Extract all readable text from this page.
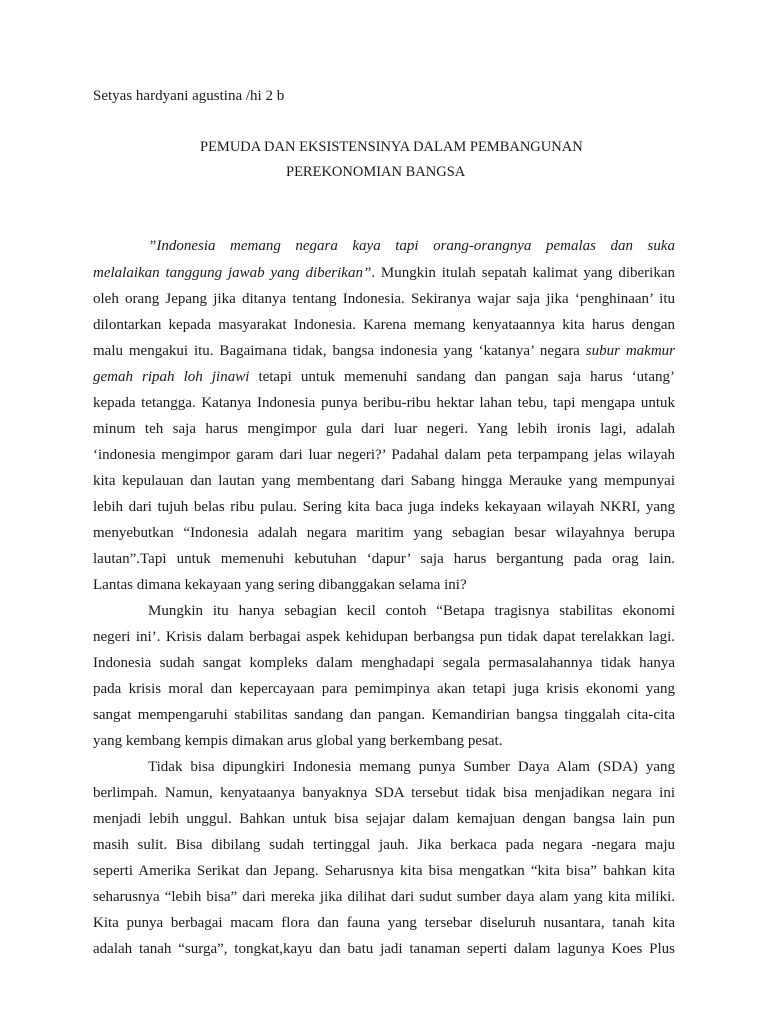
Setyas hardyani agustina /hi 2 b
PEMUDA DAN EKSISTENSINYA DALAM PEMBANGUNAN
PEREKONOMIAN BANGSA
”Indonesia memang negara kaya tapi orang-orangnya pemalas dan suka
melalaikan tanggung jawab yang diberikan”. Mungkin itulah sepatah kalimat yang diberikan
oleh orang Jepang jika ditanya tentang Indonesia. Sekiranya wajar saja jika ‘penghinaan’ itu
dilontarkan kepada masyarakat Indonesia. Karena memang kenyataannya kita harus dengan
malu mengakui itu. Bagaimana tidak, bangsa indonesia yang ‘katanya’ negara subur makmur
gemah ripah loh jinawi tetapi untuk memenuhi sandang dan pangan saja harus ‘utang’
kepada tetangga. Katanya Indonesia punya beribu-ribu hektar lahan tebu, tapi mengapa untuk
minum teh saja harus mengimpor gula dari luar negeri. Yang lebih ironis lagi, adalah
‘indonesia mengimpor garam dari luar negeri?’ Padahal dalam peta terpampang jelas wilayah
kita kepulauan dan lautan yang membentang dari Sabang hingga Merauke yang mempunyai
lebih dari tujuh belas ribu pulau. Sering kita baca juga indeks kekayaan wilayah NKRI, yang
menyebutkan “Indonesia adalah negara maritim yang sebagian besar wilayahnya berupa
lautan”.Tapi untuk memenuhi kebutuhan ‘dapur’ saja harus bergantung pada orag lain.
Lantas dimana kekayaan yang sering dibanggakan selama ini?
Mungkin itu hanya sebagian kecil contoh “Betapa tragisnya stabilitas ekonomi
negeri ini’. Krisis dalam berbagai aspek kehidupan berbangsa pun tidak dapat terelakkan lagi.
Indonesia sudah sangat kompleks dalam menghadapi segala permasalahannya tidak hanya
pada krisis moral dan kepercayaan para pemimpinya akan tetapi juga krisis ekonomi yang
sangat mempengaruhi stabilitas sandang dan pangan. Kemandirian bangsa tinggalah cita-cita
yang kembang kempis dimakan arus global yang berkembang pesat.
Tidak bisa dipungkiri Indonesia memang punya Sumber Daya Alam (SDA) yang
berlimpah. Namun, kenyataanya banyaknya SDA tersebut tidak bisa menjadikan negara ini
menjadi lebih unggul. Bahkan untuk bisa sejajar dalam kemajuan dengan bangsa lain pun
masih sulit. Bisa dibilang sudah tertinggal jauh. Jika berkaca pada negara -negara maju
seperti Amerika Serikat dan Jepang. Seharusnya kita bisa mengatkan “kita bisa” bahkan kita
seharusnya “lebih bisa” dari mereka jika dilihat dari sudut sumber daya alam yang kita miliki.
Kita punya berbagai macam flora dan fauna yang tersebar diseluruh nusantara, tanah kita
adalah tanah “surga”, tongkat,kayu dan batu jadi tanaman seperti dalam lagunya Koes Plus
